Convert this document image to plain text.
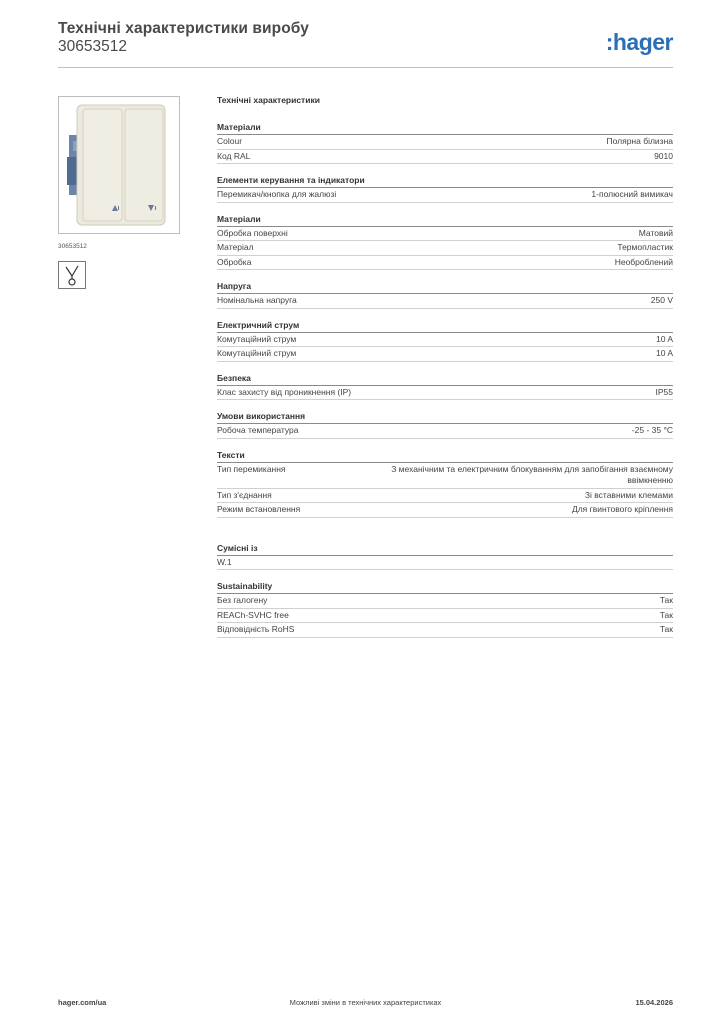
Технічні характеристики виробу
30653512	:hager
30653512
Технічні характеристики
Матеріали
Colour	Полярна білизна
Код RAL	9010
Елементи керування та індикатори
Перемикач/кнопка для жалюзі	1-полюсний вимикач
Матеріали
Обробка поверхні	Матовий
Матеріал	Термопластик
Обробка	Необроблений
Напруга
Номінальна напруга	250 V
Електричний струм
Комутаційний струм	10 A
Комутаційний струм	10 A
Безпека
Клас захисту від проникнення (IP)	IP55
Умови використання
Робоча температура	-25 - 35 °C
Тексти
Тип перемикання	З механічним та електричним блокуванням для запобігання взаємному ввімкненню
Тип з'єднання	Зі вставними клемами
Режим встановлення	Для гвинтового кріплення
Сумісні із
W.1
Sustainability
Без галогену	Так
REACh-SVHC free	Так
Відповідність RoHS	Так
hager.com/ua	Можливі зміни в технічних характеристиках	15.04.2026
